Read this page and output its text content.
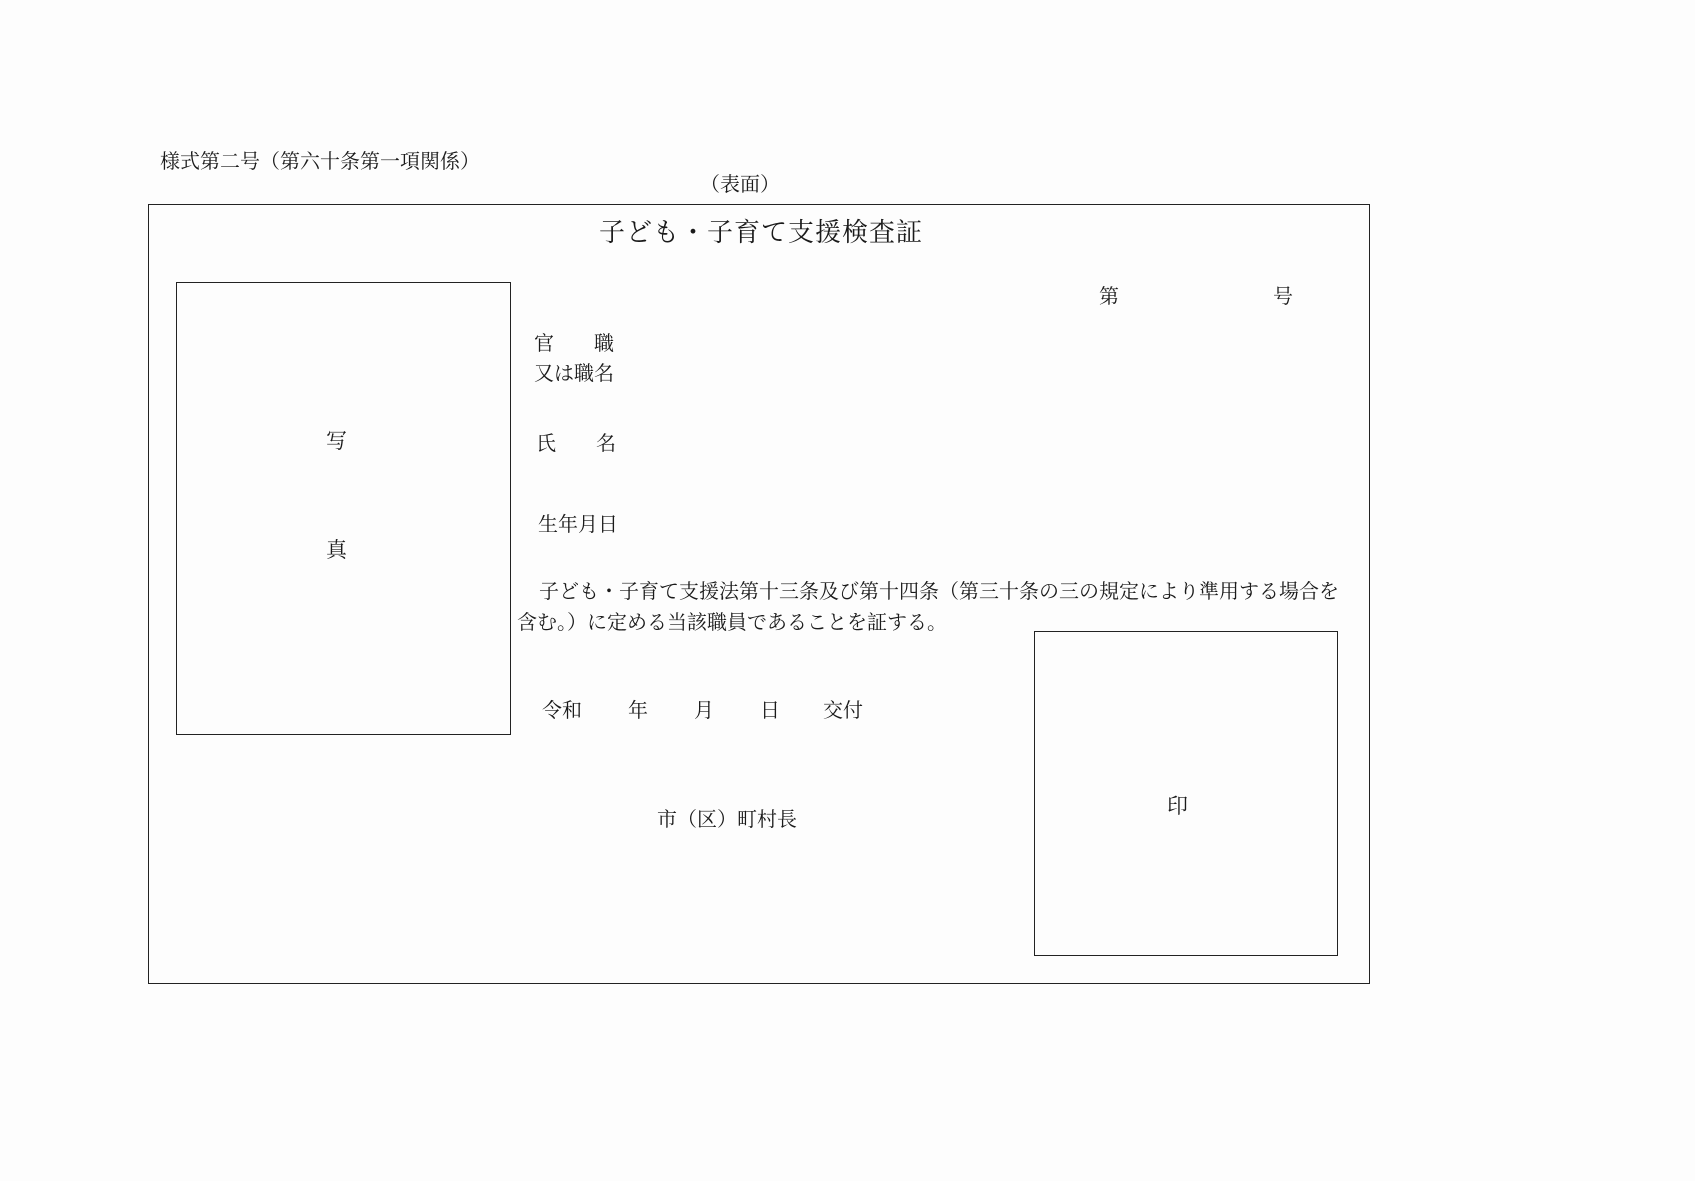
様式第二号（第六十条第一項関係）
（表面）
子ども・子育て支援検査証
第	号
写
真
官　　職
又は職名
氏　　名
生年月日
子ども・子育て支援法第十三条及び第十四条（第三十条の三の規定により準用する場合を含む。）に定める当該職員であることを証する。
印
令和 年 月 日 交付
市（区）町村長
